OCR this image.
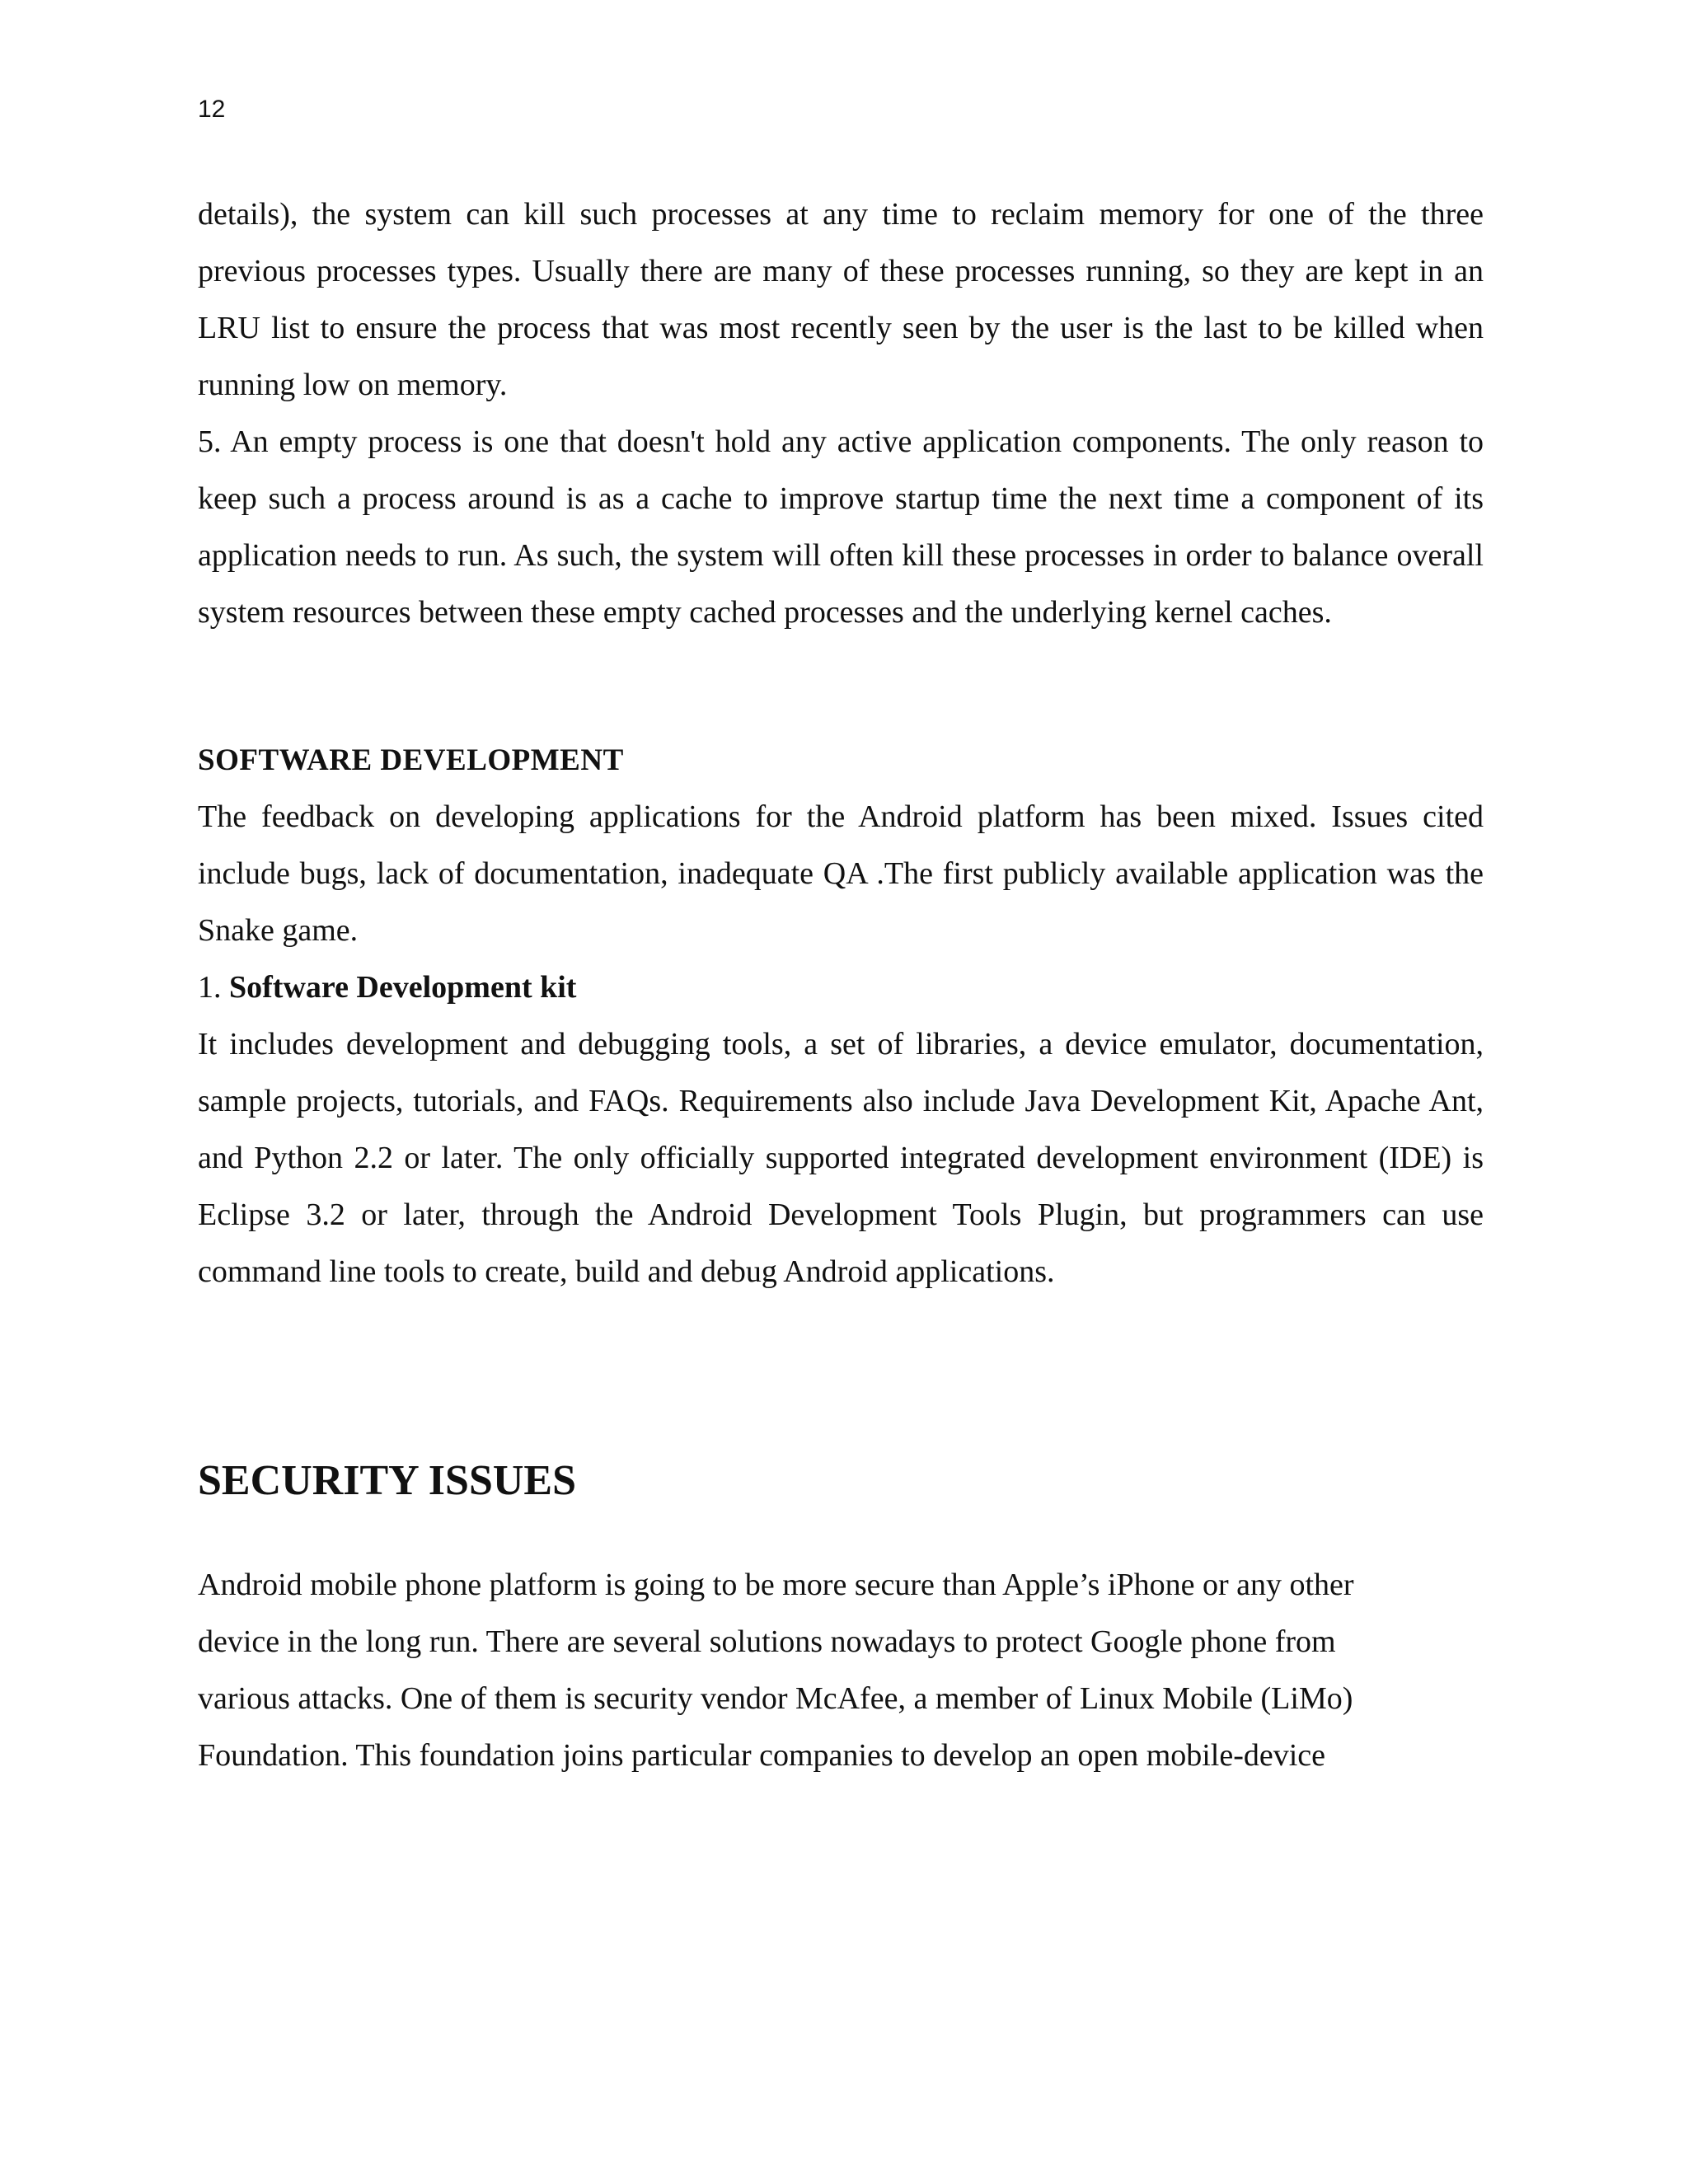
12

details), the system can kill such processes at any time to reclaim memory for one of the three previous processes types. Usually there are many of these processes running, so they are kept in an LRU list to ensure the process that was most recently seen by the user is the last to be killed when running low on memory.

5. An empty process is one that doesn't hold any active application components. The only reason to keep such a process around is as a cache to improve startup time the next time a component of its application needs to run. As such, the system will often kill these processes in order to balance overall system resources between these empty cached processes and the underlying kernel caches.

SOFTWARE DEVELOPMENT

The feedback on developing applications for the Android platform has been mixed. Issues cited include bugs, lack of documentation, inadequate QA .The first publicly available application was the Snake game.

1. Software Development kit

It includes development and debugging tools, a set of libraries, a device emulator, documentation, sample projects, tutorials, and FAQs. Requirements also include Java Development Kit, Apache Ant, and Python 2.2 or later. The only officially supported integrated development environment (IDE) is Eclipse 3.2 or later, through the Android Development Tools Plugin, but programmers can use command line tools to create, build and debug Android applications.

SECURITY ISSUES
Android mobile phone platform is going to be more secure than Apple’s iPhone or any other
device in the long run. There are several solutions nowadays to protect Google phone from
various attacks. One of them is security vendor McAfee, a member of Linux Mobile (LiMo)
Foundation. This foundation joins particular companies to develop an open mobile-device
